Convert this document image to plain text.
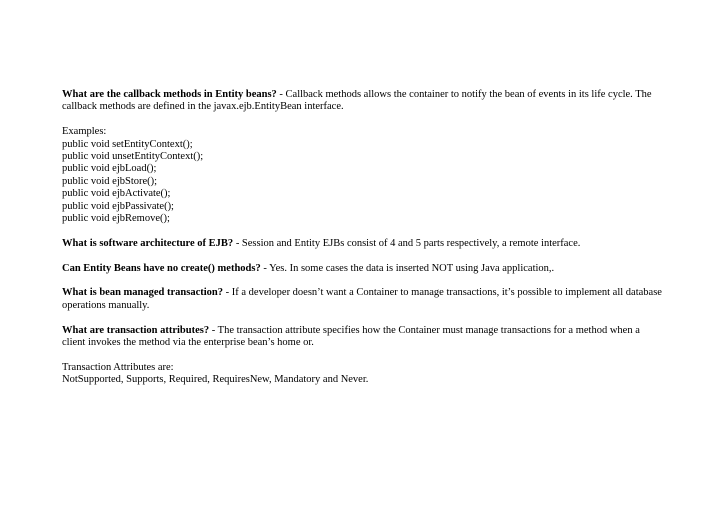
What are the callback methods in Entity beans? - Callback methods allows the container to notify the bean of events in its life cycle. The callback methods are defined in the javax.ejb.EntityBean interface.

Examples:
public void setEntityContext();
public void unsetEntityContext();
public void ejbLoad();
public void ejbStore();
public void ejbActivate();
public void ejbPassivate();
public void ejbRemove();

What is software architecture of EJB? - Session and Entity EJBs consist of 4 and 5 parts respectively, a remote interface.

Can Entity Beans have no create() methods? - Yes. In some cases the data is inserted NOT using Java application,.

What is bean managed transaction? - If a developer doesn’t want a Container to manage transactions, it’s possible to implement all database operations manually.

What are transaction attributes? - The transaction attribute specifies how the Container must manage transactions for a method when a client invokes the method via the enterprise bean’s home or.

Transaction Attributes are:
NotSupported, Supports, Required, RequiresNew, Mandatory and Never.
